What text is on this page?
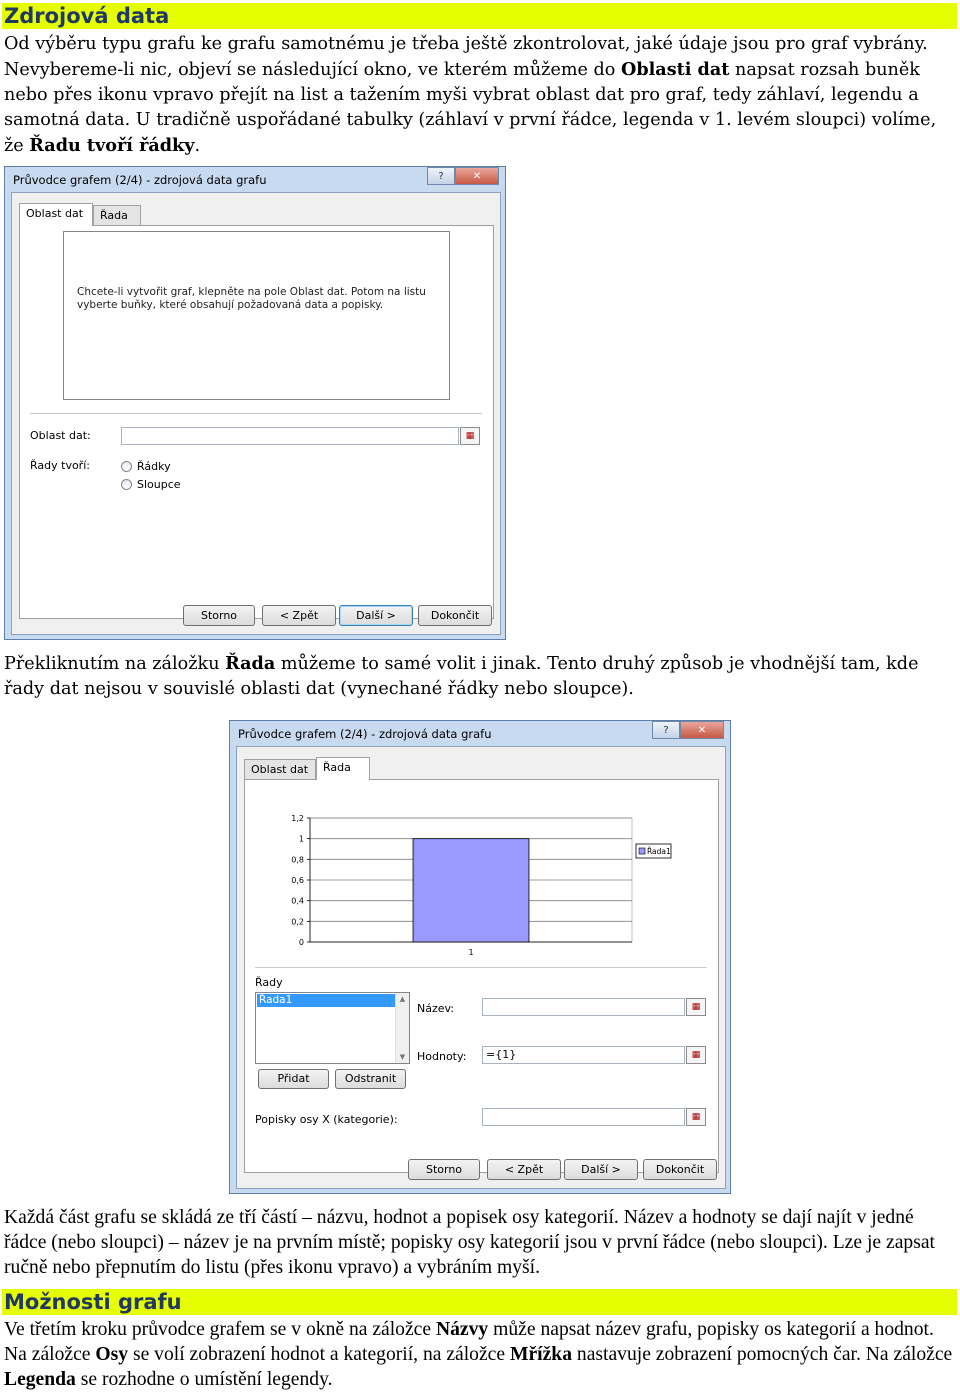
Zdrojová data
Od výběru typu grafu ke grafu samotnému je třeba ještě zkontrolovat, jaké údaje jsou pro graf vybrány. Nevybereme-li nic, objeví se následující okno, ve kterém můžeme do Oblasti dat napsat rozsah buněk nebo přes ikonu vpravo přejít na list a tažením myši vybrat oblast dat pro graf, tedy záhlaví, legendu a samotná data. U tradičně uspořádané tabulky (záhlaví v první řádce, legenda v 1. levém sloupci) volíme, že Řadu tvoří řádky.
Průvodce grafem (2/4) - zdrojová data grafu	?	✕
Oblast dat	Řada
Chcete-li vytvořit graf, klepněte na pole Oblast dat. Potom na listu vyberte buňky, které obsahují požadovaná data a popisky.
Oblast dat:	▦
Řady tvoří:	Řádky
Sloupce
Storno	< Zpět	Další >	Dokončit
Překliknutím na záložku Řada můžeme to samé volit i jinak. Tento druhý způsob je vhodnější tam, kde řady dat nejsou v souvislé oblasti dat (vynechané řádky nebo sloupce).
Průvodce grafem (2/4) - zdrojová data grafu	?	✕
Oblast dat	Řada
0
0,2
0,4
0,6
0,8
1
1,2
1
Řada1
Řady
Řada1	▲
▼
Přidat	Odstranit
Název:	▦
Hodnoty:	={1}	▦
Popisky osy X (kategorie):	▦
Storno	< Zpět	Další >	Dokončit
Každá část grafu se skládá ze tří částí – názvu, hodnot a popisek osy kategorií. Název a hodnoty se dají najít v jedné řádce (nebo sloupci) – název je na prvním místě; popisky osy kategorií jsou v první řádce (nebo sloupci). Lze je zapsat ručně nebo přepnutím do listu (přes ikonu vpravo) a vybráním myší.
Možnosti grafu
Ve třetím kroku průvodce grafem se v okně na záložce Názvy může napsat název grafu, popisky os kategorií a hodnot. Na záložce Osy se volí zobrazení hodnot a kategorií, na záložce Mřížka nastavuje zobrazení pomocných čar. Na záložce Legenda se rozhodne o umístění legendy.
